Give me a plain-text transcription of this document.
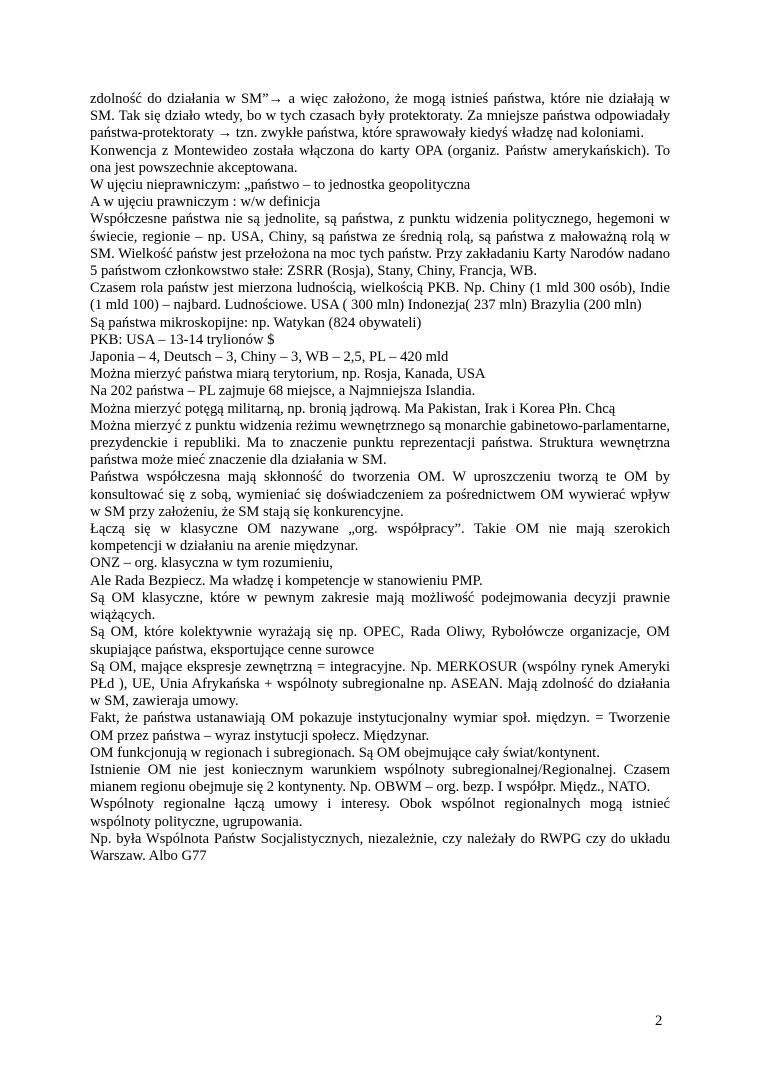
zdolność do działania w SM”→ a więc założono, że mogą istnieś państwa, które nie działają w SM. Tak się działo wtedy, bo w tych czasach były protektoraty. Za mniejsze państwa odpowiadały państwa-protektoraty → tzn. zwykłe państwa, które sprawowały kiedyś władzę nad koloniami.

Konwencja z Montewideo została włączona do karty OPA (organiz. Państw amerykańskich). To ona jest powszechnie akceptowana.

W ujęciu nieprawniczym: „państwo – to jednostka geopolityczna

A w ujęciu prawniczym : w/w definicja

Współczesne państwa nie są jednolite, są państwa, z punktu widzenia politycznego, hegemoni w świecie, regionie – np. USA, Chiny, są państwa ze średnią rolą, są państwa z małoważną rolą w SM. Wielkość państw jest przełożona na moc tych państw. Przy zakładaniu Karty Narodów nadano 5 państwom członkowstwo stałe: ZSRR (Rosja), Stany, Chiny, Francja, WB.

Czasem rola państw jest mierzona ludnością, wielkością PKB. Np. Chiny (1 mld 300 osób), Indie (1 mld 100) – najbard. Ludnościowe. USA ( 300 mln) Indonezja( 237 mln) Brazylia (200 mln)

Są państwa mikroskopijne: np. Watykan (824 obywateli)

PKB: USA – 13-14 trylionów $

Japonia – 4, Deutsch – 3, Chiny – 3, WB – 2,5, PL – 420 mld

Można mierzyć państwa miarą terytorium, np. Rosja, Kanada, USA

Na 202 państwa – PL zajmuje 68 miejsce, a Najmniejsza Islandia.

Można mierzyć potęgą militarną, np. bronią jądrową. Ma Pakistan, Irak i Korea Płn. Chcą

Można mierzyć z punktu widzenia reżimu wewnętrznego są monarchie gabinetowo-parlamentarne, prezydenckie i republiki. Ma to znaczenie punktu reprezentacji państwa. Struktura wewnętrzna państwa może mieć znaczenie dla działania w SM.

Państwa współczesna mają skłonność do tworzenia OM. W uproszczeniu tworzą te OM by konsultować się z sobą, wymieniać się doświadczeniem za pośrednictwem OM wywierać wpływ w SM przy założeniu, że SM stają się konkurencyjne.

Łączą się w klasyczne OM nazywane „org. współpracy”. Takie OM nie mają szerokich kompetencji w działaniu na arenie międzynar.

ONZ – org. klasyczna w tym rozumieniu,

Ale Rada Bezpiecz. Ma władzę i kompetencje w stanowieniu PMP.

Są OM klasyczne, które w pewnym zakresie mają możliwość podejmowania decyzji prawnie wiążących.

Są OM, które kolektywnie wyrażają się np. OPEC, Rada Oliwy, Rybołówcze organizacje, OM skupiające państwa, eksportujące cenne surowce

Są OM, mające ekspresje zewnętrzną = integracyjne. Np. MERKOSUR (wspólny rynek Ameryki PŁd ), UE, Unia Afrykańska + wspólnoty subregionalne np. ASEAN. Mają zdolność do działania w SM, zawieraja umowy.

Fakt, że państwa ustanawiają OM pokazuje instytucjonalny wymiar społ. międzyn. = Tworzenie OM przez państwa – wyraz instytucji społecz. Międzynar.

OM funkcjonują w regionach i subregionach. Są OM obejmujące cały świat/kontynent.

Istnienie OM nie jest koniecznym warunkiem wspólnoty subregionalnej/Regionalnej. Czasem mianem regionu obejmuje się 2 kontynenty. Np. OBWM – org. bezp. I współpr. Międz., NATO.

Wspólnoty regionalne łączą umowy i interesy. Obok wspólnot regionalnych mogą istnieć wspólnoty polityczne, ugrupowania.

Np. była Wspólnota Państw Socjalistycznych, niezależnie, czy należały do RWPG czy do układu Warszaw. Albo G77

2
